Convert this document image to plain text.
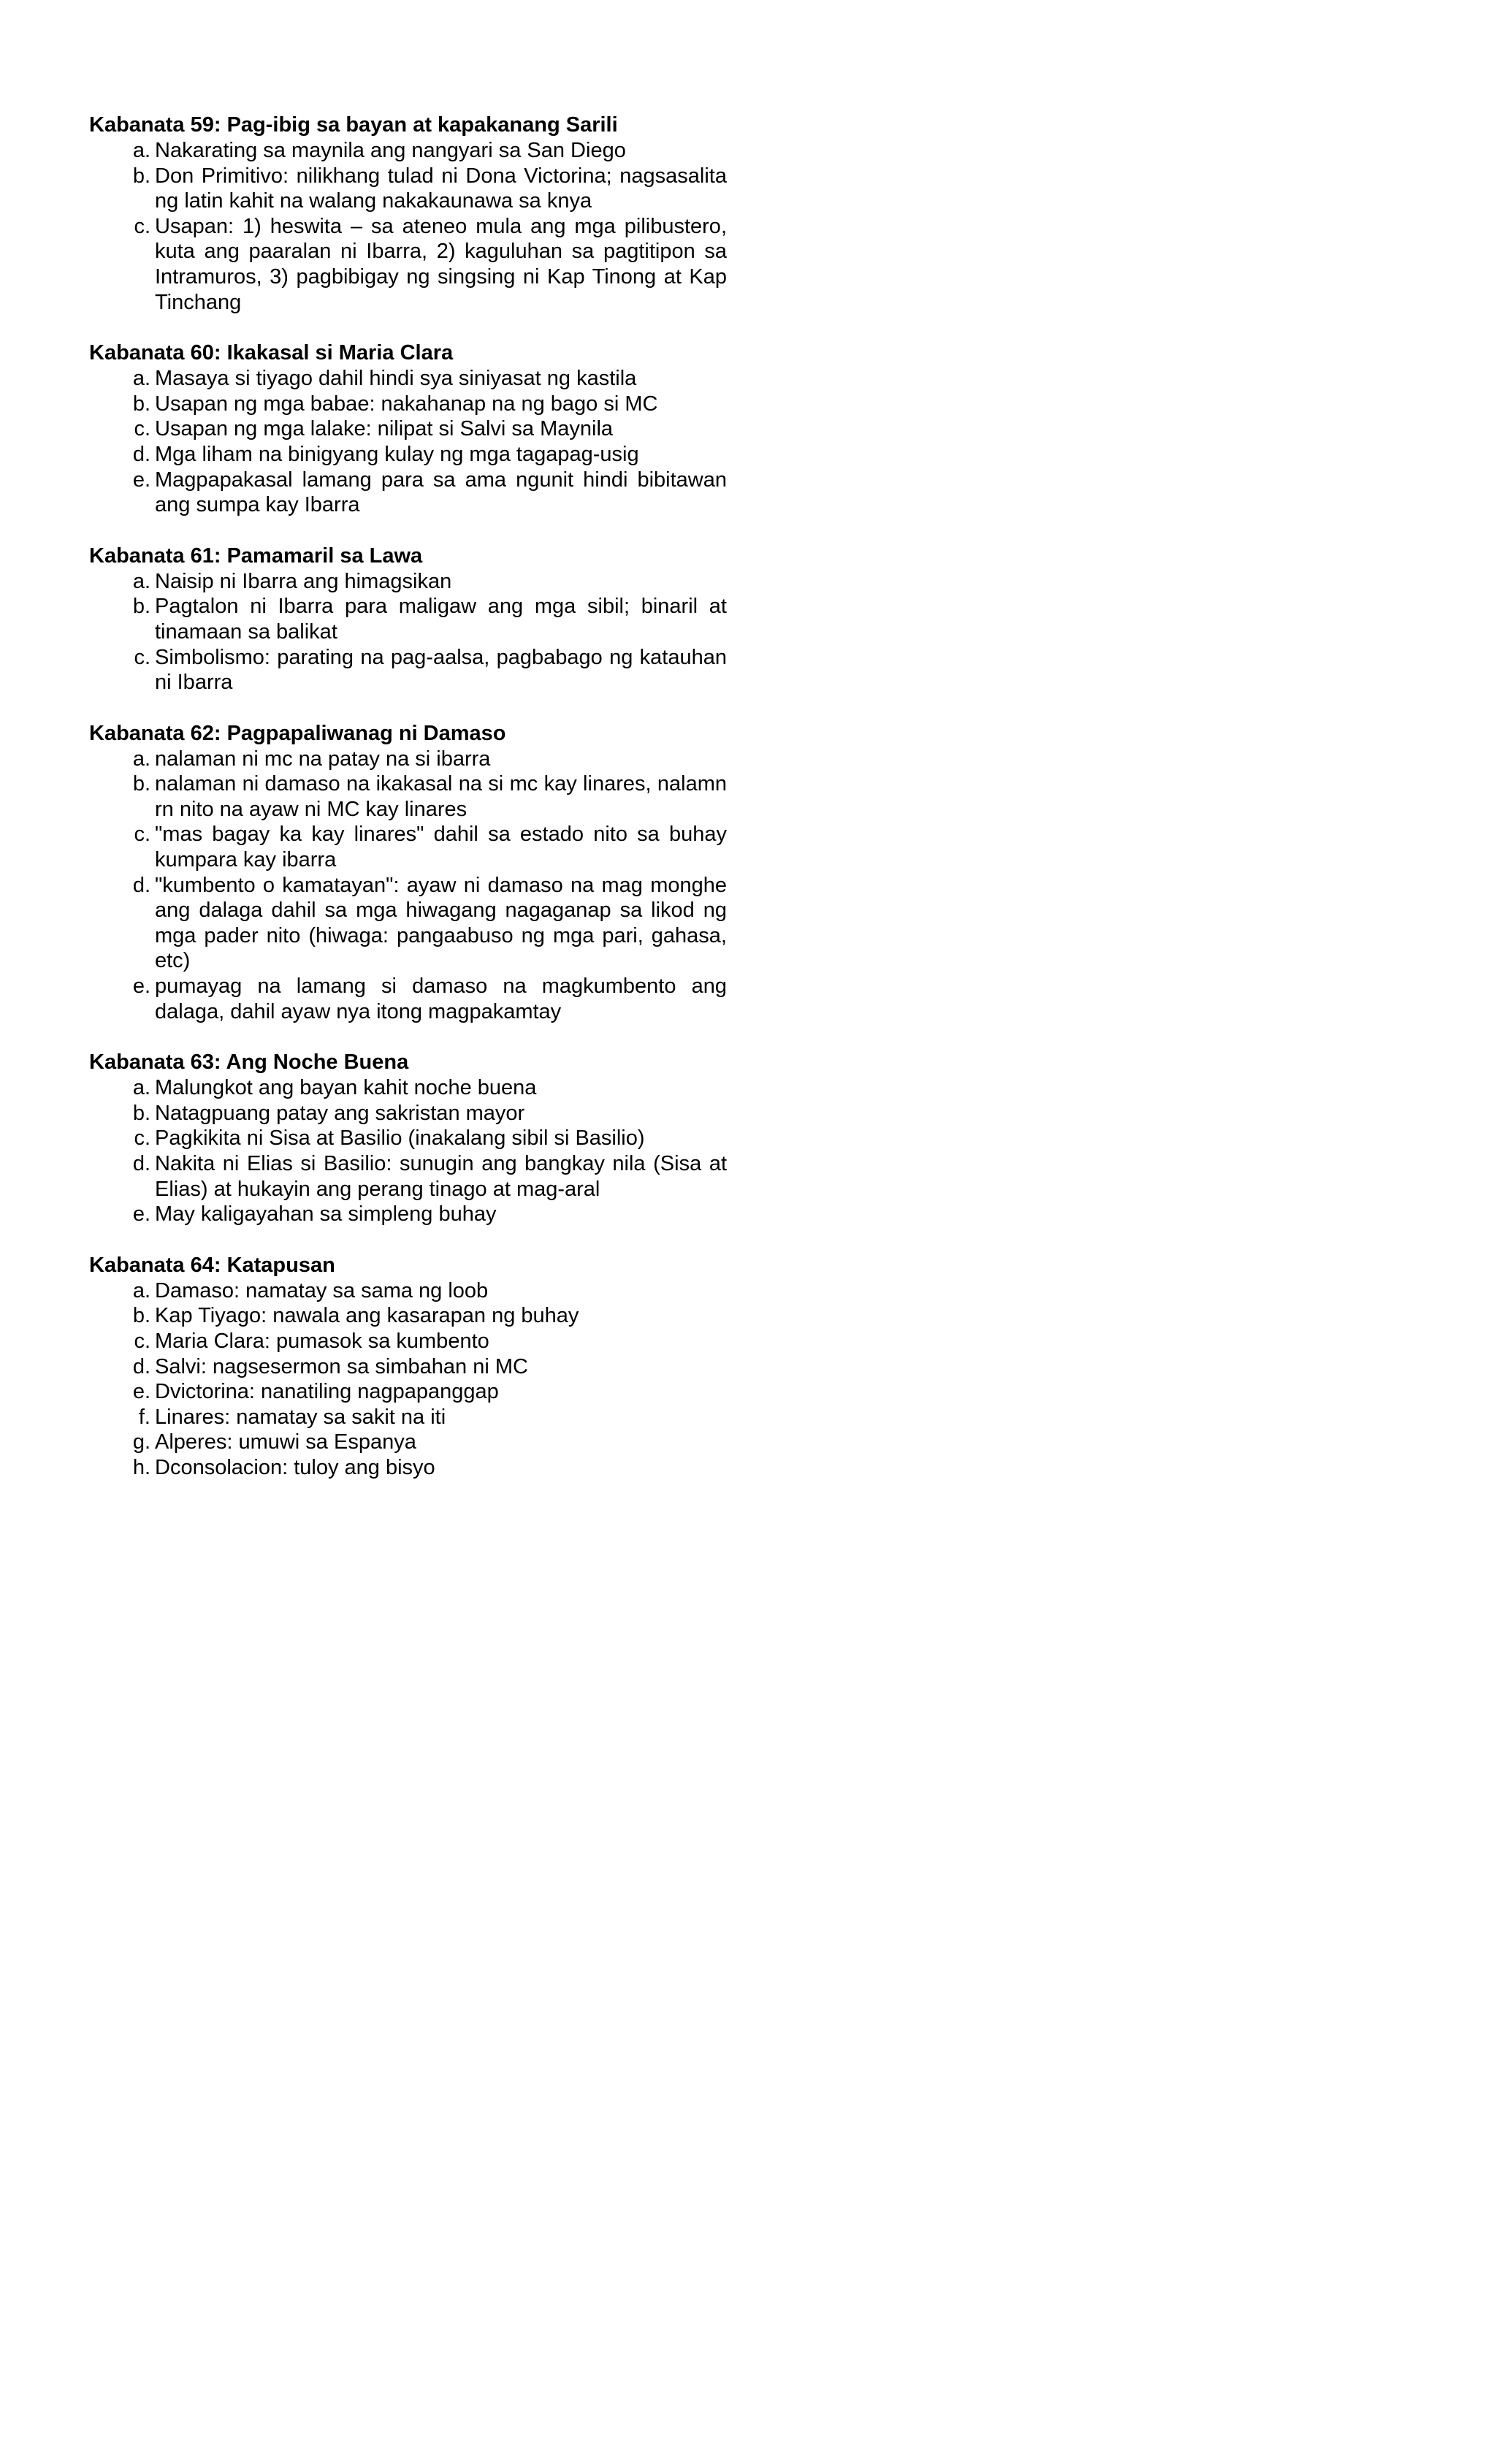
Kabanata 59: Pag-ibig sa bayan at kapakanang Sarili
a. Nakarating sa maynila ang nangyari sa San Diego
b. Don Primitivo: nilikhang tulad ni Dona Victorina; nagsasalita ng latin kahit na walang nakakaunawa sa knya
c. Usapan: 1) heswita – sa ateneo mula ang mga pilibustero, kuta ang paaralan ni Ibarra, 2) kaguluhan sa pagtitipon sa Intramuros, 3) pagbibigay ng singsing ni Kap Tinong at Kap Tinchang
Kabanata 60: Ikakasal si Maria Clara
a. Masaya si tiyago dahil hindi sya siniyasat ng kastila
b. Usapan ng mga babae: nakahanap na ng bago si MC
c. Usapan ng mga lalake: nilipat si Salvi sa Maynila
d. Mga liham na binigyang kulay ng mga tagapag-usig
e. Magpapakasal lamang para sa ama ngunit hindi bibitawan ang sumpa kay Ibarra
Kabanata 61: Pamamaril sa Lawa
a. Naisip ni Ibarra ang himagsikan
b. Pagtalon ni Ibarra para maligaw ang mga sibil; binaril at tinamaan sa balikat
c. Simbolismo: parating na pag-aalsa, pagbabago ng katauhan ni Ibarra
Kabanata 62: Pagpapaliwanag ni Damaso
a. nalaman ni mc na patay na si ibarra
b. nalaman ni damaso na ikakasal na si mc kay linares, nalamn rn nito na ayaw ni MC kay linares
c. "mas bagay ka kay linares" dahil sa estado nito sa buhay kumpara kay ibarra
d. "kumbento o kamatayan": ayaw ni damaso na mag monghe ang dalaga dahil sa mga hiwagang nagaganap sa likod ng mga pader nito (hiwaga: pangaabuso ng mga pari, gahasa, etc)
e. pumayag na lamang si damaso na magkumbento ang dalaga, dahil ayaw nya itong magpakamtay
Kabanata 63: Ang Noche Buena
a. Malungkot ang bayan kahit noche buena
b. Natagpuang patay ang sakristan mayor
c. Pagkikita ni Sisa at Basilio (inakalang sibil si Basilio)
d. Nakita ni Elias si Basilio: sunugin ang bangkay nila (Sisa at Elias) at hukayin ang perang tinago at mag-aral
e. May kaligayahan sa simpleng buhay
Kabanata 64: Katapusan
a. Damaso: namatay sa sama ng loob
b. Kap Tiyago: nawala ang kasarapan ng buhay
c. Maria Clara: pumasok sa kumbento
d. Salvi: nagsesermon sa simbahan ni MC
e. Dvictorina: nanatiling nagpapanggap
f. Linares: namatay sa sakit na iti
g. Alperes: umuwi sa Espanya
h. Dconsolacion: tuloy ang bisyo
